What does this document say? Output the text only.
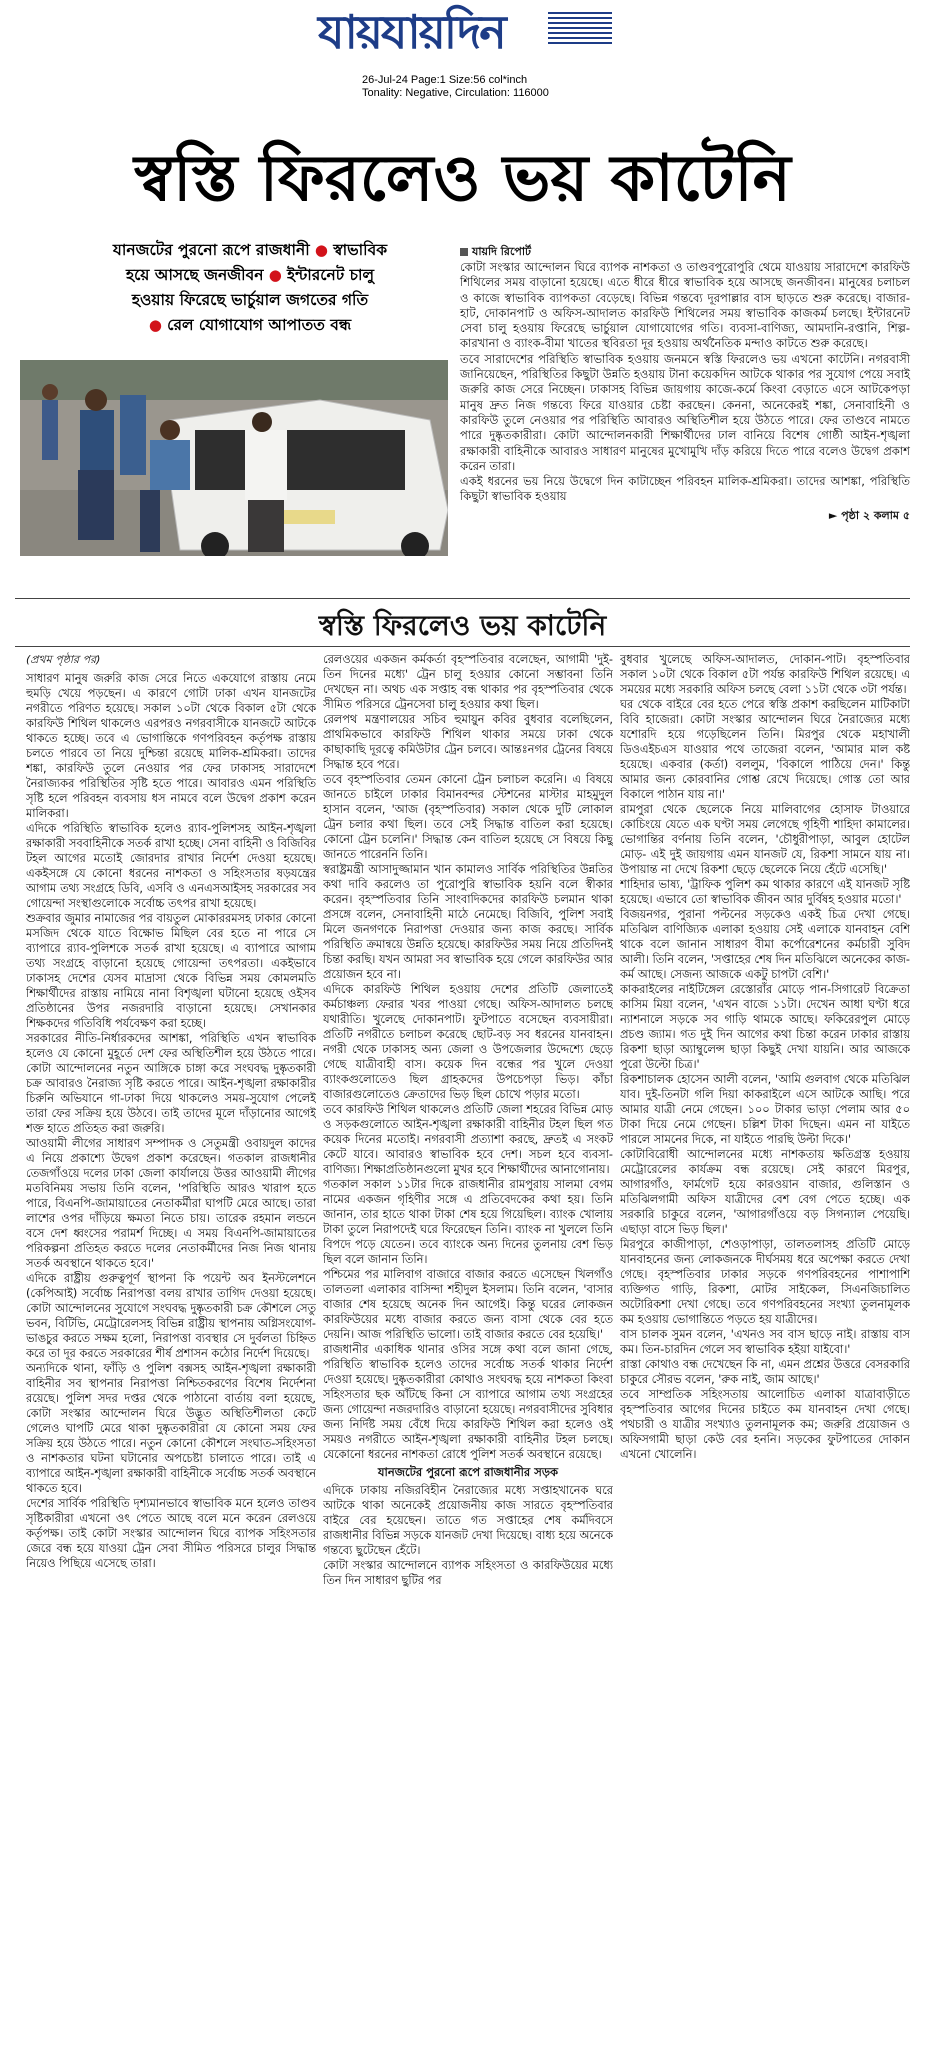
যায়যায়দিন
26-Jul-24 Page:1 Size:56 col*inch
Tonality: Negative, Circulation: 116000
স্বস্তি ফিরলেও ভয় কাটেনি
যানজটের পুরনো রূপে রাজধানী ● স্বাভাবিক
হয়ে আসছে জনজীবন ● ইন্টারনেট চালু
হওয়ায় ফিরেছে ভার্চুয়াল জগতের গতি
● রেল যোগাযোগ আপাতত বন্ধ
যায়দি রিপোর্ট

কোটা সংস্কার আন্দোলন ঘিরে ব্যাপক নাশকতা ও তাণ্ডবপুরোপুরি থেমে যাওয়ায় সারাদেশে কারফিউ শিথিলের সময় বাড়ানো হয়েছে। এতে ধীরে ধীরে স্বাভাবিক হয়ে আসছে জনজীবন। মানুষের চলাচল ও কাজে স্বাভাবিক ব্যাপকতা বেড়েছে। বিভিন্ন গন্তব্যে দূরপাল্লার বাস ছাড়তে শুরু করেছে। বাজার-হাট, দোকানপাট ও অফিস-আদালত কারফিউ শিথিলের সময় স্বাভাবিক কাজকর্ম চলছে। ইন্টারনেট সেবা চালু হওয়ায় ফিরেছে ভার্চুয়াল যোগাযোগের গতি। ব্যবসা-বাণিজ্য, আমদানি-রপ্তানি, শিল্প-কারখানা ও ব্যাংক-বীমা খাতের স্থবিরতা দূর হওয়ায় অর্থনৈতিক মন্দাও কাটতে শুরু করেছে।

তবে সারাদেশের পরিস্থিতি স্বাভাবিক হওয়ায় জনমনে স্বস্তি ফিরলেও ভয় এখনো কাটেনি। নগরবাসী জানিয়েছেন, পরিস্থিতির কিছুটা উন্নতি হওয়ায় টানা কয়েকদিন আটকে থাকার পর সুযোগ পেয়ে সবাই জরুরি কাজ সেরে নিচ্ছেন। ঢাকাসহ বিভিন্ন জায়গায় কাজে-কর্মে কিংবা বেড়াতে এসে আটকেপড়া মানুষ দ্রুত নিজ গন্তব্যে ফিরে যাওয়ার চেষ্টা করছেন। কেননা, অনেকেরই শঙ্কা, সেনাবাহিনী ও কারফিউ তুলে নেওয়ার পর পরিস্থিতি আবারও অস্থিতিশীল হয়ে উঠতে পারে। ফের তাণ্ডবে নামতে পারে দুষ্কৃতকারীরা। কোটা আন্দোলনকারী শিক্ষার্থীদের ঢাল বানিয়ে বিশেষ গোষ্ঠী আইন-শৃঙ্খলা রক্ষাকারী বাহিনীকে আবারও সাধারণ মানুষের মুখোমুখি দাঁড় করিয়ে দিতে পারে বলেও উদ্বেগ প্রকাশ করেন তারা।

একই ধরনের ভয় নিয়ে উদ্বেগে দিন কাটাচ্ছেন পরিবহন মালিক-শ্রমিকরা। তাদের আশঙ্কা, পরিস্থিতি কিছুটা স্বাভাবিক হওয়ায়

► পৃষ্ঠা ২ কলাম ৫
স্বস্তি ফিরলেও ভয় কাটেনি

(প্রথম পৃষ্ঠার পর)

সাধারণ মানুষ জরুরি কাজ সেরে নিতে একযোগে রাস্তায় নেমে হুমড়ি খেয়ে পড়ছেন। এ কারণে গোটা ঢাকা এখন যানজটের নগরীতে পরিণত হয়েছে। সকাল ১০টা থেকে বিকাল ৫টা থেকে কারফিউ শিথিল থাকলেও এরপরও নগরবাসীকে যানজটে আটকে থাকতে হচ্ছে। তবে এ ভোগান্তিকে গণপরিবহন কর্তৃপক্ষ রাস্তায় চলতে পারবে তা নিয়ে দুশ্চিন্তা রয়েছে মালিক-শ্রমিকরা। তাদের শঙ্কা, কারফিউ তুলে নেওয়ার পর ফের ঢাকাসহ সারাদেশে নৈরাজ্যকর পরিস্থিতির সৃষ্টি হতে পারে। আবারও এমন পরিস্থিতি সৃষ্টি হলে পরিবহন ব্যবসায় ধস নামবে বলে উদ্বেগ প্রকাশ করেন মালিকরা।

এদিকে পরিস্থিতি স্বাভাবিক হলেও র‌্যাব-পুলিশসহ আইন-শৃঙ্খলা রক্ষাকারী সববাহিনীকে সতর্ক রাখা হচ্ছে। সেনা বাহিনী ও বিজিবির টহল আগের মতোই জোরদার রাখার নির্দেশ দেওয়া হয়েছে। একইসঙ্গে যে কোনো ধরনের নাশকতা ও সহিংসতার ষড়যন্ত্রের আগাম তথ্য সংগ্রহে ডিবি, এসবি ও এনএসআইসহ সরকারের সব গোয়েন্দা সংস্থাগুলোকে সর্বোচ্চ তৎপর রাখা হয়েছে।

শুক্রবার জুমার নামাজের পর বায়তুল মোকাররমসহ ঢাকার কোনো মসজিদ থেকে যাতে বিক্ষোভ মিছিল বের হতে না পারে সে ব্যাপারে র‌্যাব-পুলিশকে সতর্ক রাখা হয়েছে। এ ব্যাপারে আগাম তথ্য সংগ্রহে বাড়ানো হয়েছে গোয়েন্দা তৎপরতা। একইভাবে ঢাকাসহ দেশের যেসব মাদ্রাসা থেকে বিভিন্ন সময় কোমলমতি শিক্ষার্থীদের রাস্তায় নামিয়ে নানা বিশৃঙ্খলা ঘটানো হয়েছে ওইসব প্রতিষ্ঠানের উপর নজরদারি বাড়ানো হয়েছে। সেখানকার শিক্ষকদের গতিবিধি পর্যবেক্ষণ করা হচ্ছে।

সরকারের নীতি-নির্ধারকদের আশঙ্কা, পরিস্থিতি এখন স্বাভাবিক হলেও যে কোনো মুহূর্তে দেশ ফের অস্থিতিশীল হয়ে উঠতে পারে। কোটা আন্দোলনের নতুন আঙ্গিকে চাঙ্গা করে সংঘবদ্ধ দুষ্কৃতকারী চক্র আবারও নৈরাজ্য সৃষ্টি করতে পারে। আইন-শৃঙ্খলা রক্ষাকারীর চিরুনি অভিযানে গা-ঢাকা দিয়ে থাকলেও সময়-সুযোগ পেলেই তারা ফের সক্রিয় হয়ে উঠবে। তাই তাদের মূলে দাঁড়ানোর আগেই শক্ত হাতে প্রতিহত করা জরুরি।

আওয়ামী লীগের সাধারণ সম্পাদক ও সেতুমন্ত্রী ওবায়দুল কাদের এ নিয়ে প্রকাশ্যে উদ্বেগ প্রকাশ করেছেন। গতকাল রাজধানীর তেজগাঁওয়ে দলের ঢাকা জেলা কার্যালয়ে উত্তর আওয়ামী লীগের মতবিনিময় সভায় তিনি বলেন, 'পরিস্থিতি আরও খারাপ হতে পারে, বিএনপি-জামায়াতের নেতাকর্মীরা ঘাপটি মেরে আছে। তারা লাশের ওপর দাঁড়িয়ে ক্ষমতা নিতে চায়। তারেক রহমান লন্ডনে বসে দেশ ধ্বংসের পরামর্শ দিচ্ছে। এ সময় বিএনপি-জামায়াতের পরিকল্পনা প্রতিহত করতে দলের নেতাকর্মীদের নিজ নিজ থানায় সতর্ক অবস্থানে থাকতে হবে।'

এদিকে রাষ্ট্রীয় গুরুত্বপূর্ণ স্থাপনা কি পয়েন্ট অব ইনস্টলেশনে (কেপিআই) সর্বোচ্চ নিরাপত্তা বলয় রাখার তাগিদ দেওয়া হয়েছে। কোটা আন্দোলনের সুযোগে সংঘবদ্ধ দুষ্কৃতকারী চক্র কৌশলে সেতু ভবন, বিটিভি, মেট্রোরেলসহ বিভিন্ন রাষ্ট্রীয় স্থাপনায় অগ্নিসংযোগ-ভাঙচুর করতে সক্ষম হলো, নিরাপত্তা ব্যবস্থার সে দুর্বলতা চিহ্নিত করে তা দূর করতে সরকারের শীর্ষ প্রশাসন কঠোর নির্দেশ দিয়েছে।

অন্যদিকে থানা, ফাঁড়ি ও পুলিশ বক্সসহ আইন-শৃঙ্খলা রক্ষাকারী বাহিনীর সব স্থাপনার নিরাপত্তা নিশ্চিতকরণের বিশেষ নির্দেশনা রয়েছে। পুলিশ সদর দপ্তর থেকে পাঠানো বার্তায় বলা হয়েছে, কোটা সংস্কার আন্দোলন ঘিরে উদ্ভূত অস্থিতিশীলতা কেটে গেলেও ঘাপটি মেরে থাকা দুষ্কৃতকারীরা যে কোনো সময় ফের সক্রিয় হয়ে উঠতে পারে। নতুন কোনো কৌশলে সংঘাত-সহিংসতা ও নাশকতার ঘটনা ঘটানোর অপচেষ্টা চালাতে পারে। তাই এ ব্যাপারে আইন-শৃঙ্খলা রক্ষাকারী বাহিনীকে সর্বোচ্চ সতর্ক অবস্থানে থাকতে হবে।

দেশের সার্বিক পরিস্থিতি দৃশ্যমানভাবে স্বাভাবিক মনে হলেও তাণ্ডব সৃষ্টিকারীরা এখনো ওৎ পেতে আছে বলে মনে করেন রেলওয়ে কর্তৃপক্ষ। তাই কোটা সংস্কার আন্দোলন ঘিরে ব্যাপক সহিংসতার জেরে বন্ধ হয়ে যাওয়া ট্রেন সেবা সীমিত পরিসরে চালুর সিদ্ধান্ত নিয়েও পিছিয়ে এসেছে তারা।

রেলওয়ের একজন কর্মকর্তা বৃহস্পতিবার বলেছেন, আগামী 'দুই-তিন দিনের মধ্যে' ট্রেন চালু হওয়ার কোনো সম্ভাবনা তিনি দেখছেন না। অথচ এক সপ্তাহ বন্ধ থাকার পর বৃহস্পতিবার থেকে সীমিত পরিসরে ট্রেনসেবা চালু হওয়ার কথা ছিল।

রেলপথ মন্ত্রণালয়ের সচিব হুমায়ুন কবির বুধবার বলেছিলেন, প্রাথমিকভাবে কারফিউ শিথিল থাকার সময়ে ঢাকা থেকে কাছাকাছি দূরত্বে কমিউটার ট্রেন চলবে। আন্তঃনগর ট্রেনের বিষয়ে সিদ্ধান্ত হবে পরে।

তবে বৃহস্পতিবার তেমন কোনো ট্রেন চলাচল করেনি। এ বিষয়ে জানতে চাইলে ঢাকার বিমানবন্দর স্টেশনের মাস্টার মাহমুদুল হাসান বলেন, 'আজ (বৃহস্পতিবার) সকাল থেকে দুটি লোকাল ট্রেন চলার কথা ছিল। তবে সেই সিদ্ধান্ত বাতিল করা হয়েছে। কোনো ট্রেন চলেনি।' সিদ্ধান্ত কেন বাতিল হয়েছে সে বিষয়ে কিছু জানতে পারেননি তিনি।

স্বরাষ্ট্রমন্ত্রী আসাদুজ্জামান খান কামালও সার্বিক পরিস্থিতির উন্নতির কথা দাবি করলেও তা পুরোপুরি স্বাভাবিক হয়নি বলে স্বীকার করেন। বৃহস্পতিবার তিনি সাংবাদিকদের কারফিউ চলমান থাকা প্রসঙ্গে বলেন, সেনাবাহিনী মাঠে নেমেছে। বিজিবি, পুলিশ সবাই মিলে জনগণকে নিরাপত্তা দেওয়ার জন্য কাজ করছে। সার্বিক পরিস্থিতি ক্রমান্বয়ে উন্নতি হয়েছে। কারফিউর সময় নিয়ে প্রতিদিনই চিন্তা করছি। যখন আমরা সব স্বাভাবিক হয়ে গেলে কারফিউর আর প্রয়োজন হবে না।

এদিকে কারফিউ শিথিল হওয়ায় দেশের প্রতিটি জেলাতেই কর্মচাঞ্চল্য ফেরার খবর পাওয়া গেছে। অফিস-আদালত চলছে যথারীতি। খুলেছে দোকানপাট। ফুটপাতে বসেছেন ব্যবসায়ীরা। প্রতিটি নগরীতে চলাচল করেছে ছোট-বড় সব ধরনের যানবাহন। নগরী থেকে ঢাকাসহ অন্য জেলা ও উপজেলার উদ্দেশ্যে ছেড়ে গেছে যাত্রীবাহী বাস। কয়েক দিন বন্ধের পর খুলে দেওয়া ব্যাংকগুলোতেও ছিল গ্রাহকদের উপচেপড়া ভিড়। কাঁচা বাজারগুলোতেও ক্রেতাদের ভিড় ছিল চোখে পড়ার মতো।

তবে কারফিউ শিথিল থাকলেও প্রতিটি জেলা শহরের বিভিন্ন মোড় ও সড়কগুলোতে আইন-শৃঙ্খলা রক্ষাকারী বাহিনীর টহল ছিল গত কয়েক দিনের মতোই। নগরবাসী প্রত্যাশা করছে, দ্রুতই এ সংকট কেটে যাবে। আবারও স্বাভাবিক হবে দেশ। সচল হবে ব্যবসা-বাণিজ্য। শিক্ষাপ্রতিষ্ঠানগুলো মুখর হবে শিক্ষার্থীদের আনাগোনায়।

গতকাল সকাল ১১টার দিকে রাজধানীর রামপুরায় সালমা বেগম নামের একজন গৃহিণীর সঙ্গে এ প্রতিবেদকের কথা হয়। তিনি জানান, তার হাতে থাকা টাকা শেষ হয়ে গিয়েছিল। ব্যাংক খোলায় টাকা তুলে নিরাপদেই ঘরে ফিরেছেন তিনি। ব্যাংক না খুললে তিনি বিপদে পড়ে যেতেন। তবে ব্যাংকে অন্য দিনের তুলনায় বেশ ভিড় ছিল বলে জানান তিনি।

পশ্চিমের পর মালিবাগ বাজারে বাজার করতে এসেছেন খিলগাঁও তালতলা এলাকার বাসিন্দা শহীদুল ইসলাম। তিনি বলেন, 'বাসার বাজার শেষ হয়েছে অনেক দিন আগেই। কিন্তু ঘরের লোকজন কারফিউয়ের মধ্যে বাজার করতে জন্য বাসা থেকে বের হতে দেয়নি। আজ পরিস্থিতি ভালো। তাই বাজার করতে বের হয়েছি।'

রাজধানীর একাধিক থানার ওসির সঙ্গে কথা বলে জানা গেছে, পরিস্থিতি স্বাভাবিক হলেও তাদের সর্বোচ্চ সতর্ক থাকার নির্দেশ দেওয়া হয়েছে। দুষ্কৃতকারীরা কোথাও সংঘবদ্ধ হয়ে নাশকতা কিংবা সহিংসতার ছক আঁটছে কিনা সে ব্যাপারে আগাম তথ্য সংগ্রহের জন্য গোয়েন্দা নজরদারিও বাড়ানো হয়েছে। নগরবাসীদের সুবিধার জন্য নির্দিষ্ট সময় বেঁধে দিয়ে কারফিউ শিথিল করা হলেও ওই সময়ও নগরীতে আইন-শৃঙ্খলা রক্ষাকারী বাহিনীর টহল চলছে। যেকোনো ধরনের নাশকতা রোধে পুলিশ সতর্ক অবস্থানে রয়েছে।

যানজটের পুরনো রূপে রাজধানীর সড়ক

এদিকে ঢাকায় নজিরবিহীন নৈরাজ্যের মধ্যে সপ্তাহখানেক ঘরে আটকে থাকা অনেকেই প্রয়োজনীয় কাজ সারতে বৃহস্পতিবার বাইরে বের হয়েছেন। তাতে গত সপ্তাহের শেষ কর্মদিবসে রাজধানীর বিভিন্ন সড়কে যানজট দেখা দিয়েছে। বাধ্য হয়ে অনেকে গন্তব্যে ছুটেছেন হেঁটে।

কোটা সংস্কার আন্দোলনে ব্যাপক সহিংসতা ও কারফিউয়ের মধ্যে তিন দিন সাধারণ ছুটির পর

বুধবার খুলেছে অফিস-আদালত, দোকান-পাট। বৃহস্পতিবার সকাল ১০টা থেকে বিকাল ৫টা পর্যন্ত কারফিউ শিথিল রয়েছে। এ সময়ের মধ্যে সরকারি অফিস চলছে বেলা ১১টা থেকে ৩টা পর্যন্ত।

ঘর থেকে বাইরে বের হতে পেরে স্বস্তি প্রকাশ করছিলেন মাটিকাটা বিবি হাজেরা। কোটা সংস্কার আন্দোলন ঘিরে নৈরাজ্যের মধ্যে যশোরদি হয়ে গড়েছিলেন তিনি। মিরপুর থেকে মহাখালী ডিওএইচএস যাওয়ার পথে তাজেরা বলেন, 'আমার মাল কষ্ট হয়েছে। একবার (কর্তা) বললুম, 'বিকালে পাঠিয়ে দেন।' কিন্তু আমার জন্য কোরবানির গোশ্ত রেখে দিয়েছে। গোস্ত তো আর বিকালে পাঠান যায় না।'

রামপুরা থেকে ছেলেকে নিয়ে মালিবাগের হোসাফ টাওয়ারে কোচিংয়ে যেতে এক ঘণ্টা সময় লেগেছে গৃহিণী শাহিদা কামালের। ভোগান্তির বর্ণনায় তিনি বলেন, 'চৌধুরীপাড়া, আবুল হোটেল মোড়- এই দুই জায়গায় এমন যানজট যে, রিকশা সামনে যায় না। উপায়ান্ত না দেখে রিকশা ছেড়ে ছেলেকে নিয়ে হেঁটে এসেছি।'

শাহিদার ভাষ্য, 'ট্রাফিক পুলিশ কম থাকার কারণে এই যানজট সৃষ্টি হয়েছে। এভাবে তো স্বাভাবিক জীবন আর দুর্বিষহ হওয়ার মতো।'

বিজয়নগর, পুরানা পল্টনের সড়কেও একই চিত্র দেখা গেছে। মতিঝিল বাণিজ্যিক এলাকা হওয়ায় সেই এলাকে যানবাহন বেশি থাকে বলে জানান সাধারণ বীমা কর্পোরেশনের কর্মচারী সুবিদ আলী। তিনি বলেন, 'সপ্তাহের শেষ দিন মতিঝিলে অনেকের কাজ-কর্ম আছে। সেজন্য আজকে একটু চাপটা বেশি।'

কাকরাইলের নাইটিঙ্গেল রেস্তোরাঁর মোড়ে পান-সিগারেট বিক্রেতা কাসিম মিয়া বলেন, 'এখন বাজে ১১টা। দেখেন আধা ঘণ্টা ধরে ন্যাশনালে সড়কে সব গাড়ি থামকে আছে। ফকিরেরপুল মোড়ে প্রচণ্ড জ্যাম। গত দুই দিন আগের কথা চিন্তা করেন ঢাকার রাস্তায় রিকশা ছাড়া অ্যাম্বুলেন্স ছাড়া কিছুই দেখা যায়নি। আর আজকে পুরো উল্টো চিত্র।'

রিকশাচালক হোসেন আলী বলেন, 'আমি গুলবাগ থেকে মতিঝিল যাব। দুই-তিনটা গলি দিয়া কাকরাইলে এসে আটকে আছি। পরে আমার যাত্রী নেমে গেছেন। ১০০ টাকার ভাড়া পেলাম আর ৫০ টাকা দিয়ে নেমে গেছেন। চল্লিশ টাকা দিছেন। এমন না যাইতে পারলে সামনের দিকে, না যাইতে পারছি উল্টা দিকে।'

কোটাবিরোধী আন্দোলনের মধ্যে নাশকতায় ক্ষতিগ্রস্ত হওয়ায় মেট্রোরেলের কার্যক্রম বন্ধ রয়েছে। সেই কারণে মিরপুর, আগারগাঁও, ফার্মগেট হয়ে কারওয়ান বাজার, গুলিস্তান ও মতিঝিলগামী অফিস যাত্রীদের বেশ বেগ পেতে হচ্ছে। এক সরকারি চাকুরে বলেন, 'আগারগাঁওয়ে বড় সিগন্যাল পেয়েছি। এছাড়া বাসে ভিড় ছিল।'

মিরপুরে কাজীপাড়া, শেওড়াপাড়া, তালতলাসহ প্রতিটি মোড়ে যানবাহনের জন্য লোকজনকে দীর্ঘসময় ধরে অপেক্ষা করতে দেখা গেছে। বৃহস্পতিবার ঢাকার সড়কে গণপরিবহনের পাশাপাশি ব্যক্তিগত গাড়ি, রিকশা, মোটর সাইকেল, সিএনজিচালিত অটোরিকশা দেখা গেছে। তবে গণপরিবহনের সংখ্যা তুলনামূলক কম হওয়ায় ভোগান্তিতে পড়তে হয় যাত্রীদের।

বাস চালক সুমন বলেন, 'এখনও সব বাস ছাড়ে নাই। রাস্তায় বাস কম। তিন-চারদিন গেলে সব স্বাভাবিক হইয়া যাইবো।'

রাস্তা কোথাও বন্ধ দেখেছেন কি না, এমন প্রশ্নের উত্তরে বেসরকারি চাকুরে সৌরভ বলেন, 'রুক নাই, জাম আছে।'

তবে সাম্প্রতিক সহিংসতায় আলোচিত এলাকা যাত্রাবাড়ীতে বৃহস্পতিবার আগের দিনের চাইতে কম যানবাহন দেখা গেছে। পথচারী ও যাত্রীর সংখ্যাও তুলনামূলক কম; জরুরি প্রয়োজন ও অফিসগামী ছাড়া কেউ বের হননি। সড়কের ফুটপাতের দোকান এখনো খোলেনি।
